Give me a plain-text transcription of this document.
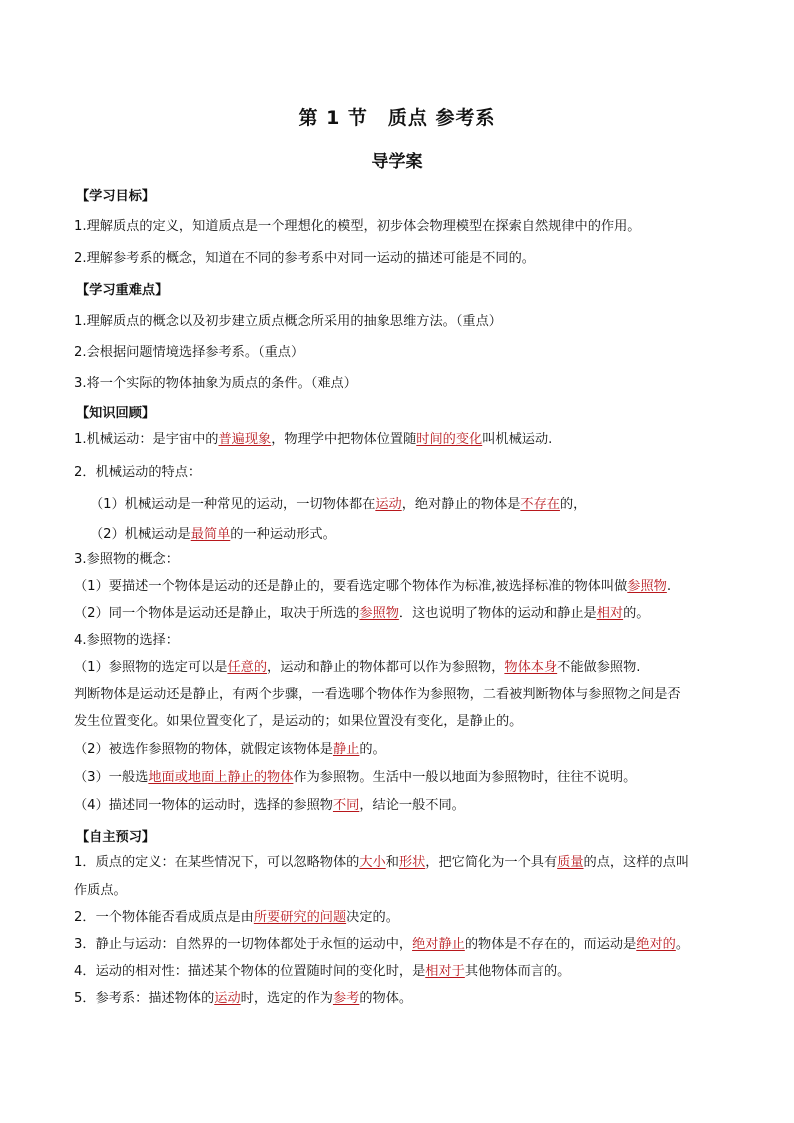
第 1 节　质点 参考系
导学案
【学习目标】
1.理解质点的定义，知道质点是一个理想化的模型，初步体会物理模型在探索自然规律中的作用。
2.理解参考系的概念，知道在不同的参考系中对同一运动的描述可能是不同的。
【学习重难点】
1.理解质点的概念以及初步建立质点概念所采用的抽象思维方法。（重点）
2.会根据问题情境选择参考系。（重点）
3.将一个实际的物体抽象为质点的条件。（难点）
【知识回顾】
1.机械运动：是宇宙中的普遍现象，物理学中把物体位置随时间的变化叫机械运动.
2．机械运动的特点：
（1）机械运动是一种常见的运动，一切物体都在运动，绝对静止的物体是不存在的，
（2）机械运动是最简单的一种运动形式。
3.参照物的概念：
（1）要描述一个物体是运动的还是静止的，要看选定哪个物体作为标准,被选择标准的物体叫做参照物.
（2）同一个物体是运动还是静止，取决于所选的参照物．这也说明了物体的运动和静止是相对的。
4.参照物的选择：
（1）参照物的选定可以是任意的，运动和静止的物体都可以作为参照物，物体本身不能做参照物.
判断物体是运动还是静止，有两个步骤，一看选哪个物体作为参照物，二看被判断物体与参照物之间是否
发生位置变化。如果位置变化了，是运动的；如果位置没有变化，是静止的。
（2）被选作参照物的物体，就假定该物体是静止的。
（3）一般选地面或地面上静止的物体作为参照物。生活中一般以地面为参照物时，往往不说明。
（4）描述同一物体的运动时，选择的参照物不同，结论一般不同。
【自主预习】
1．质点的定义：在某些情况下，可以忽略物体的大小和形状，把它简化为一个具有质量的点，这样的点叫
作质点。
2．一个物体能否看成质点是由所要研究的问题决定的。
3．静止与运动：自然界的一切物体都处于永恒的运动中，绝对静止的物体是不存在的，而运动是绝对的。
4．运动的相对性：描述某个物体的位置随时间的变化时，是相对于其他物体而言的。
5．参考系：描述物体的运动时，选定的作为参考的物体。
